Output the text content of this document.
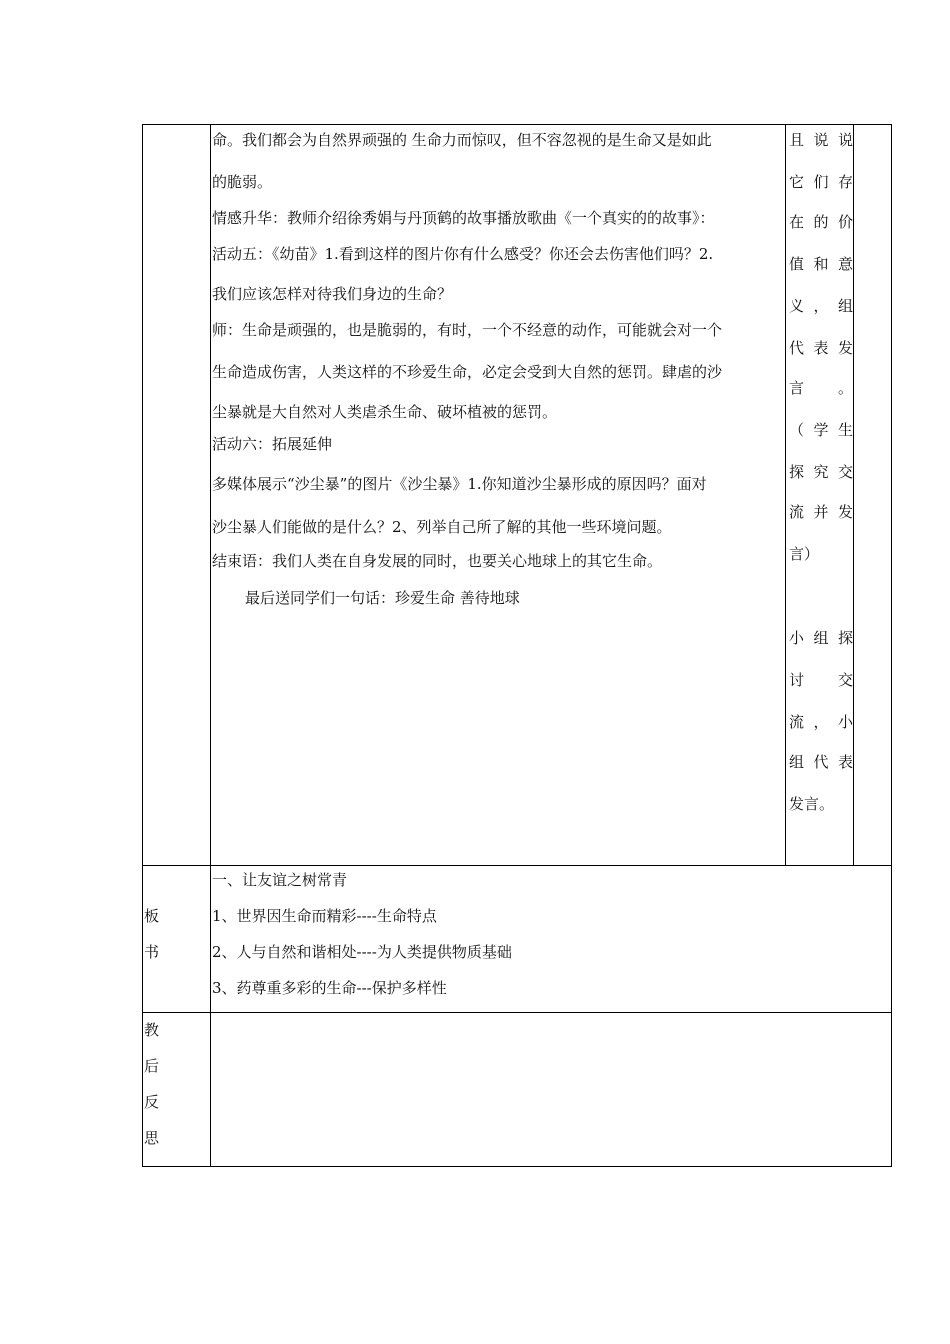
命。我们都会为自然界顽强的 生命力而惊叹，但不容忽视的是生命又是如此
的脆弱。
情感升华：教师介绍徐秀娟与丹顶鹤的故事播放歌曲《一个真实的的故事》：
活动五：《幼苗》1.看到这样的图片你有什么感受？你还会去伤害他们吗？2.
我们应该怎样对待我们身边的生命？
师：生命是顽强的，也是脆弱的，有时，一个不经意的动作，可能就会对一个
生命造成伤害，人类这样的不珍爱生命，必定会受到大自然的惩罚。肆虐的沙
尘暴就是大自然对人类虐杀生命、破坏植被的惩罚。
活动六：拓展延伸
多媒体展示“沙尘暴”的图片《沙尘暴》1.你知道沙尘暴形成的原因吗？面对
沙尘暴人们能做的是什么？2、列举自己所了解的其他一些环境问题。
结束语：我们人类在自身发展的同时，也要关心地球上的其它生命。
最后送同学们一句话：珍爱生命 善待地球
且 说 说
它 们 存
在 的 价
值 和 意
义 ， 组
代 表 发
言 。
（ 学 生
探 究 交
流 并 发
言）
小 组 探
讨 交
流 ， 小
组 代 表
发言。
板
书
一、让友谊之树常青
1、世界因生命而精彩----生命特点
2、人与自然和谐相处----为人类提供物质基础
3、药尊重多彩的生命---保护多样性
教
后
反
思
